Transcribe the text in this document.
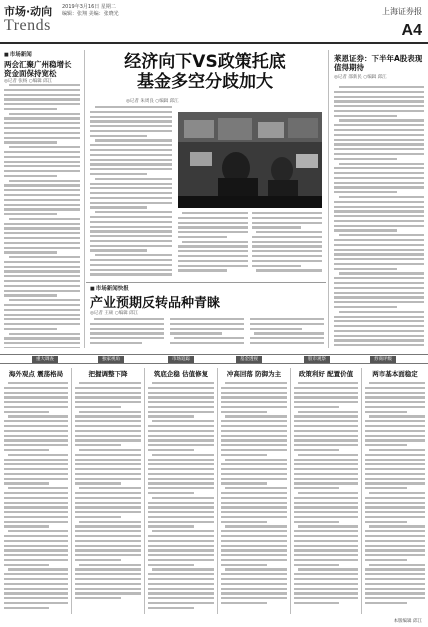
市场·动向
Trends
2019年3月16日 星期二
编辑：张翔 美编：张晓光	上海证券报
A4
■ 市场新闻
两会汇聚广州稳增长 资金面保持宽松
◎记者 张杨 ○编辑 邱江
经济向下VS政策托底
基金多空分歧加大
◎记者 朱周良 ○编辑 邱江
莱恩证券：下半年A股表现值得期待
◎记者 邵新民 ○编辑 邱江
■ 市场新闻快报
产业预期反转品种青睐
◎记者 王硕 ○编辑 邱江
重大调查	独家视角	市场追踪	基金透视	股市观察	券商评级
海外观点 震荡格局	把握调整下降	筑底企稳 估值修复	冲高回落 防御为主	政策利好 配置价值	两市基本面稳定
本版编辑 邱江
